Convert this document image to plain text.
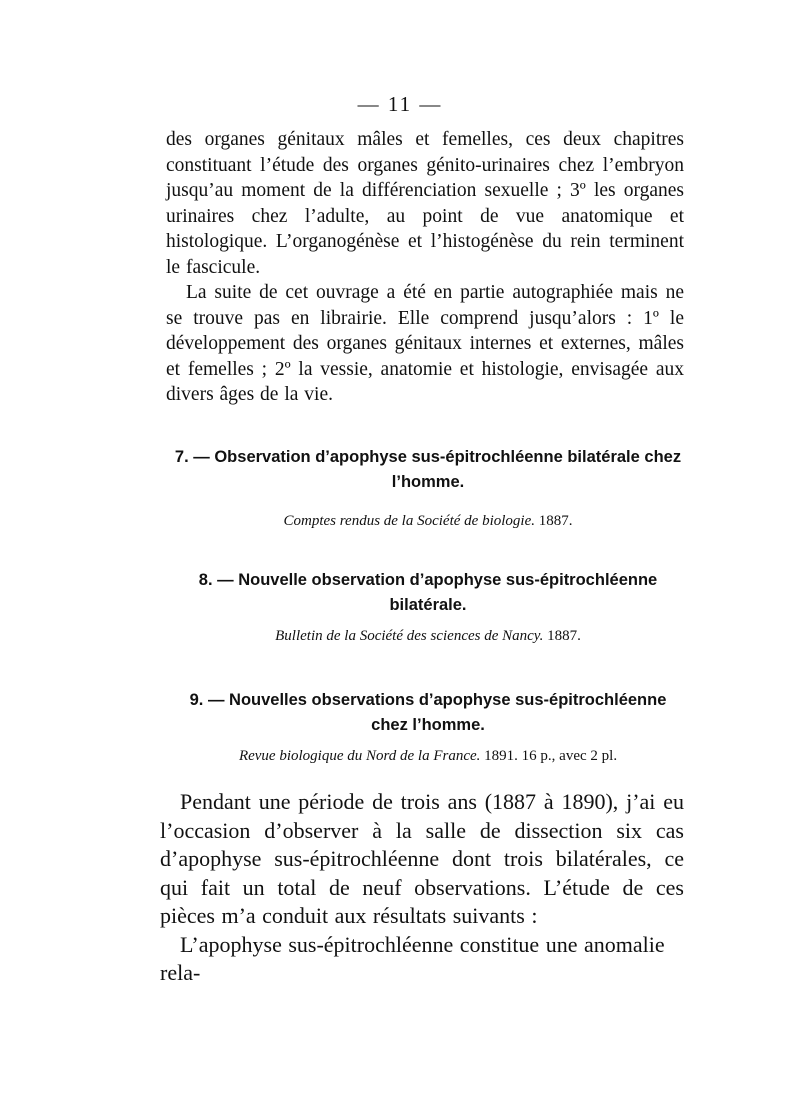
— 11 —
des organes génitaux mâles et femelles, ces deux chapitres constituant l’étude des organes génito-urinaires chez l’embryon jusqu’au moment de la différenciation sexuelle ; 3º les organes urinaires chez l’adulte, au point de vue anatomique et histologique. L’organogénèse et l’histogénèse du rein terminent le fascicule.
La suite de cet ouvrage a été en partie autographiée mais ne se trouve pas en librairie. Elle comprend jusqu’alors : 1º le développement des organes génitaux internes et externes, mâles et femelles ; 2º la vessie, anatomie et histologie, envisagée aux divers âges de la vie.
7. — Observation d’apophyse sus-épitrochléenne bilatérale chez l’homme.
Comptes rendus de la Société de biologie. 1887.
8. — Nouvelle observation d’apophyse sus-épitrochléenne bilatérale.
Bulletin de la Société des sciences de Nancy. 1887.
9. — Nouvelles observations d’apophyse sus-épitrochléenne chez l’homme.
Revue biologique du Nord de la France. 1891. 16 p., avec 2 pl.
Pendant une période de trois ans (1887 à 1890), j’ai eu l’occasion d’observer à la salle de dissection six cas d’apophyse sus-épitrochléenne dont trois bilatérales, ce qui fait un total de neuf observations. L’étude de ces pièces m’a conduit aux résultats suivants :
L’apophyse sus-épitrochléenne constitue une anomalie rela-
